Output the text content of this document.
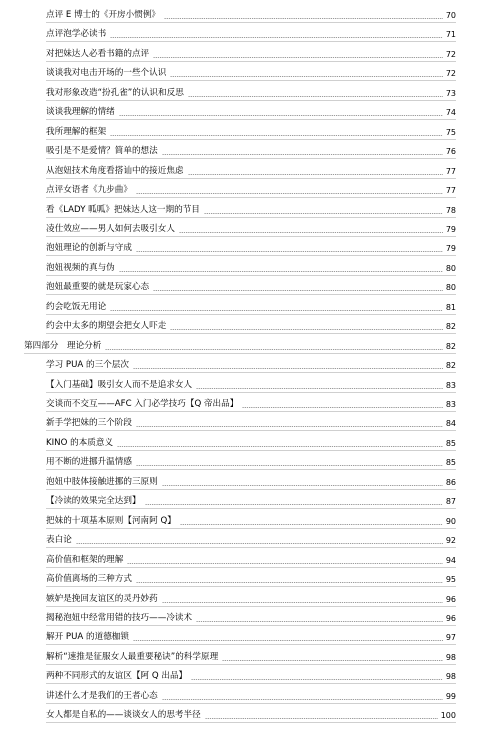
点评 E 博士的《开房小惯例》	70
点评泡学必读书	71
对把妹达人必看书籍的点评	72
谈谈我对电击开场的一些个认识	72
我对形象改造“扮孔雀”的认识和反思	73
谈谈我理解的情绪	74
我所理解的框架	75
吸引是不是爱情？简单的想法	76
从泡妞技术角度看搭讪中的接近焦虑	77
点评女语者《九步曲》	77
看《LADY 呱呱》把妹达人这一期的节目	78
凌仕效应——男人如何去吸引女人	79
泡妞理论的创新与守成	79
泡妞视频的真与伪	80
泡妞最重要的就是玩家心态	80
约会吃饭无用论	81
约会中太多的期望会把女人吓走	82
第四部分　理论分析	82
学习 PUA 的三个层次	82
【入门基础】吸引女人而不是追求女人	83
交谈而不交互——AFC 入门必学技巧【Q 帝出品】	83
新手学把妹的三个阶段	84
KINO 的本质意义	85
用不断的进挪升温情感	85
泡妞中肢体接触进挪的三原则	86
【冷读的效果完全达到】	87
把妹的十项基本原则【河南阿 Q】	90
表白论	92
高价值和框架的理解	94
高价值离场的三种方式	95
嫉妒是挽回友谊区的灵丹妙药	96
揭秘泡妞中经常用错的技巧——冷读术	96
解开 PUA 的道德枷锁	97
解析“速推是征服女人最重要秘诀”的科学原理	98
两种不同形式的友谊区【阿 Q 出品】	98
讲述什么才是我们的王者心态	99
女人都是自私的——谈谈女人的思考半径	100
